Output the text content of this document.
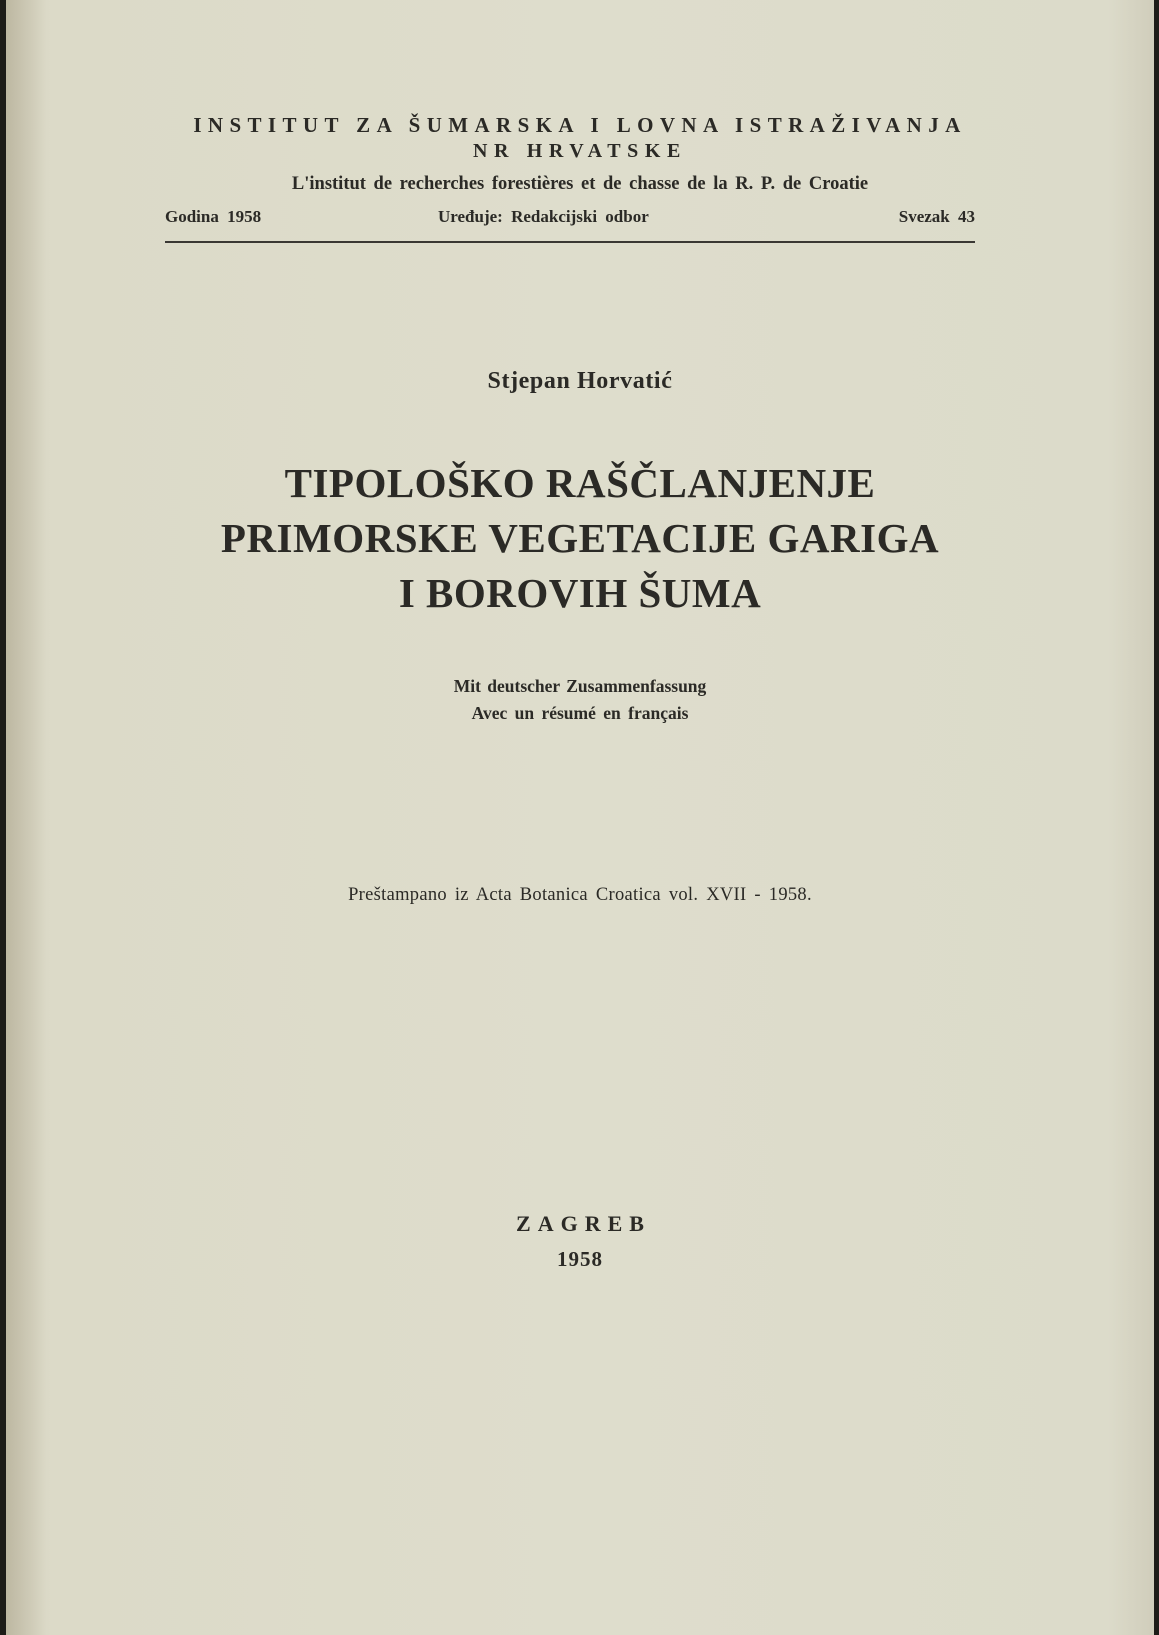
INSTITUT ZA ŠUMARSKA I LOVNA ISTRAŽIVANJA
NR HRVATSKE
L'institut de recherches forestières et de chasse de la R. P. de Croatie
Godina 1958	Uređuje: Redakcijski odbor	Svezak 43
Stjepan Horvatić
TIPOLOŠKO RAŠČLANJENJE
PRIMORSKE VEGETACIJE GARIGA
I BOROVIH ŠUMA
Mit deutscher Zusammenfassung
Avec un résumé en français
Preštampano iz Acta Botanica Croatica vol. XVII - 1958.
ZAGREB
1958
